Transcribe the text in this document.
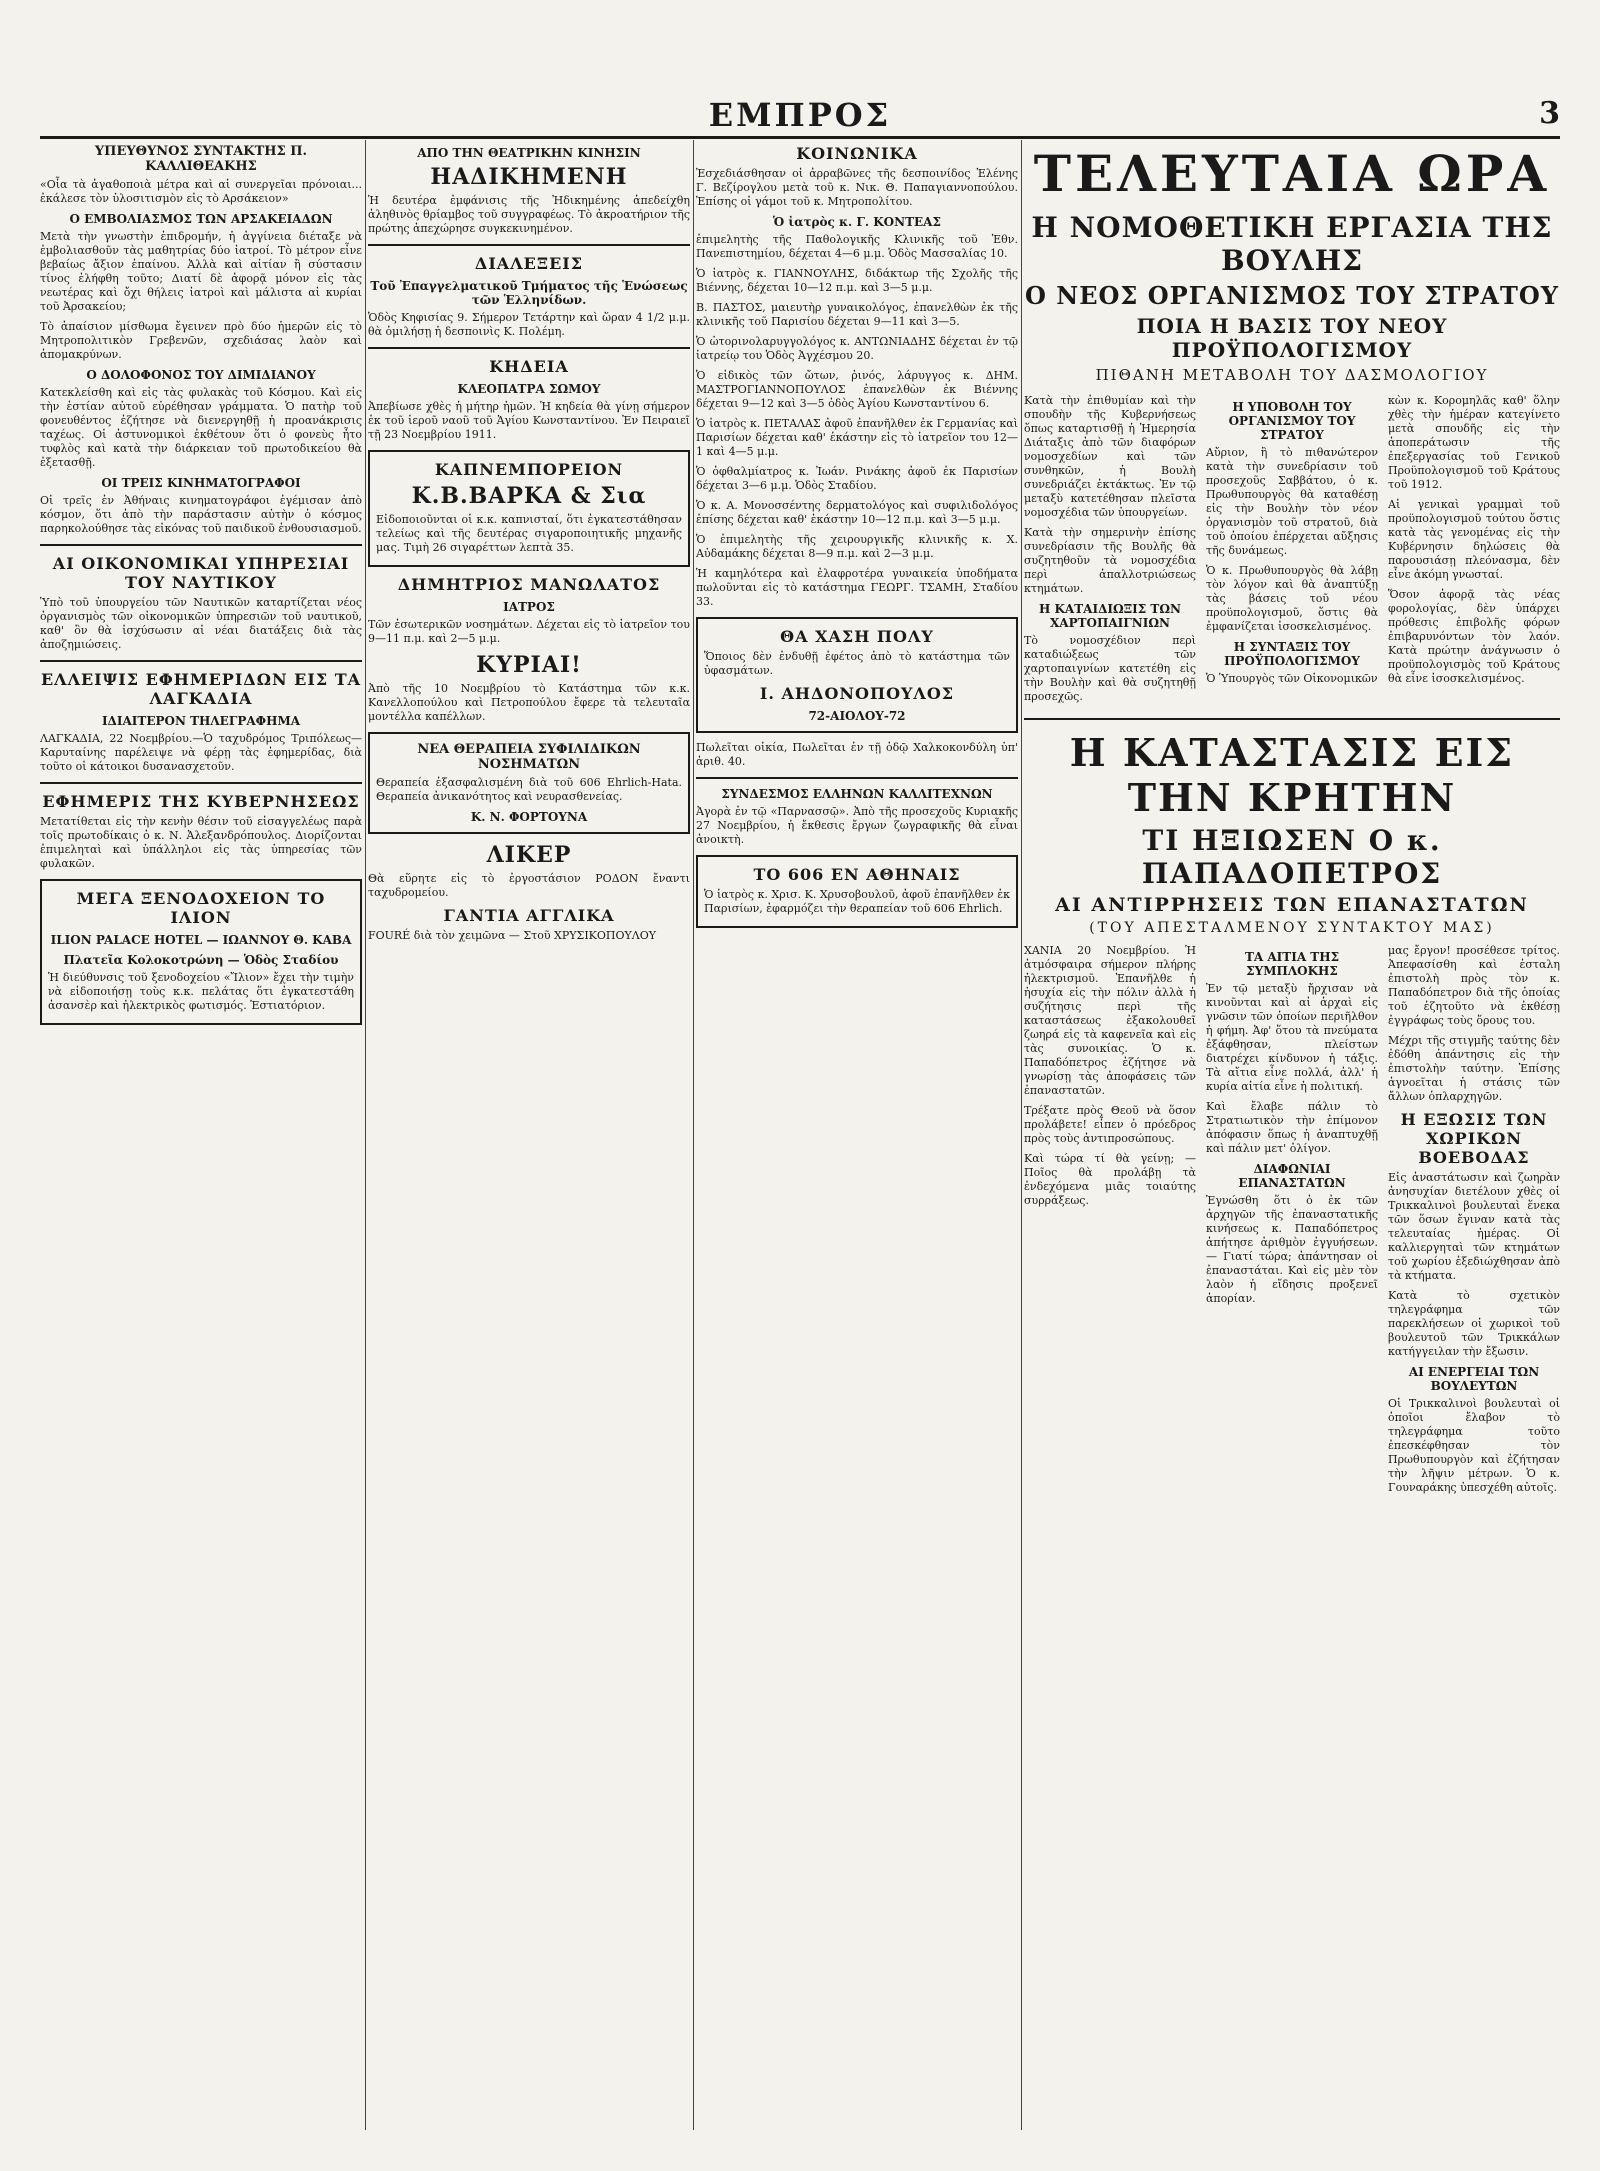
ΕΜΠΡΟΣ	3
ΥΠΕΥΘΥΝΟΣ ΣΥΝΤΑΚΤΗΣ Π. ΚΑΛΛΙΘΕΑΚΗΣ

«Οἷα τὰ ἀγαθοποιὰ μέτρα καὶ αἱ συνεργεῖαι πρόνοιαι... ἐκάλεσε τὸν ὑλοσιτισμὸν εἰς τὸ Αρσάκειον»

Ο ΕΜΒΟΛΙΑΣΜΟΣ ΤΩΝ ΑΡΣΑΚΕΙΑΔΩΝ

Μετὰ τὴν γνωστὴν ἐπιδρομήν, ἡ ἀγγίνεια διέταξε νὰ ἐμβολιασθοῦν τὰς μαθητρίας δύο ἰατροί. Τὸ μέτρον εἶνε βεβαίως ἄξιον ἐπαίνου. Ἀλλὰ καὶ αἰτίαν ἢ σύστασιν τίνος ἐλήφθη τοῦτο; Διατί δὲ ἀφορᾷ μόνον εἰς τὰς νεωτέρας καὶ ὄχι θήλεις ἰατροὶ καὶ μάλιστα αἱ κυρίαι τοῦ Ἀρσακείου;

Τὸ ἀπαίσιον μίσθωμα ἔγεινεν πρὸ δύο ἡμερῶν εἰς τὸ Μητροπολιτικὸν Γρεβενῶν, σχεδιάσας λαὸν καὶ ἀπομακρύνων.

Ο ΔΟΛΟΦΟΝΟΣ ΤΟΥ ΔΙΜΙΔΙΑΝΟΥ

Κατεκλείσθη καὶ εἰς τὰς φυλακὰς τοῦ Κόσμου. Καὶ εἰς τὴν ἑστίαν αὐτοῦ εὑρέθησαν γράμματα. Ὁ πατὴρ τοῦ φονευθέντος ἐζήτησε νὰ διενεργηθῇ ἡ προανάκρισις ταχέως. Οἱ ἀστυνομικοὶ ἐκθέτουν ὅτι ὁ φονεὺς ἦτο τυφλὸς καὶ κατὰ τὴν διάρκειαν τοῦ πρωτοδικείου θὰ ἐξετασθῇ.

ΟΙ ΤΡΕΙΣ ΚΙΝΗΜΑΤΟΓΡΑΦΟΙ

Οἱ τρεῖς ἐν Ἀθήναις κινηματογράφοι ἐγέμισαν ἀπὸ κόσμον, ὅτι ἀπὸ τὴν παράστασιν αὐτὴν ὁ κόσμος παρηκολούθησε τὰς εἰκόνας τοῦ παιδικοῦ ἐνθουσιασμοῦ.

ΑΙ ΟΙΚΟΝΟΜΙΚΑΙ ΥΠΗΡΕΣΙΑΙ ΤΟΥ ΝΑΥΤΙΚΟΥ

Ὑπὸ τοῦ ὑπουργείου τῶν Ναυτικῶν καταρτίζεται νέος ὀργανισμὸς τῶν οἰκονομικῶν ὑπηρεσιῶν τοῦ ναυτικοῦ, καθ' ὃν θὰ ἰσχύσωσιν αἱ νέαι διατάξεις διὰ τὰς ἀποζημιώσεις.

ΕΛΛΕΙΨΙΣ ΕΦΗΜΕΡΙΔΩΝ ΕΙΣ ΤΑ ΛΑΓΚΑΔΙΑ
ΙΔΙΑΙΤΕΡΟΝ ΤΗΛΕΓΡΑΦΗΜΑ

ΛΑΓΚΑΔΙΑ, 22 Νοεμβρίου.—Ὁ ταχυδρόμος Τριπόλεως—Καρυταίνης παρέλειψε νὰ φέρῃ τὰς ἐφημερίδας, διὰ τοῦτο οἱ κάτοικοι δυσανασχετοῦν.

ΕΦΗΜΕΡΙΣ ΤΗΣ ΚΥΒΕΡΝΗΣΕΩΣ

Μετατίθεται εἰς τὴν κενὴν θέσιν τοῦ εἰσαγγελέως παρὰ τοῖς πρωτοδίκαις ὁ κ. Ν. Ἀλεξανδρόπουλος. Διορίζονται ἐπιμεληταὶ καὶ ὑπάλληλοι εἰς τὰς ὑπηρεσίας τῶν φυλακῶν.

ΜΕΓΑ ΞΕΝΟΔΟΧΕΙΟΝ ΤΟ ΙΛΙΟΝ
ILION PALACE HOTEL — ΙΩΑΝΝΟΥ Θ. ΚΑΒΑ
Πλατεῖα Κολοκοτρώνη — Ὁδὸς Σταδίου

Ἡ διεύθυνσις τοῦ ξενοδοχείου «Ἴλιον» ἔχει τὴν τιμὴν νὰ εἰδοποιήσῃ τοὺς κ.κ. πελάτας ὅτι ἐγκατεστάθη ἀσανσὲρ καὶ ἠλεκτρικὸς φωτισμός. Ἑστιατόριον.

ΑΠΟ ΤΗΝ ΘΕΑΤΡΙΚΗΝ ΚΙΝΗΣΙΝ
ΗΑΔΙΚΗΜΕΝΗ

Ἡ δευτέρα ἐμφάνισις τῆς Ἠδικημένης ἀπεδείχθη ἀληθινὸς θρίαμβος τοῦ συγγραφέως. Τὸ ἀκροατήριον τῆς πρώτης ἀπεχώρησε συγκεκινημένον.

ΔΙΑΛΕΞΕΙΣ
Τοῦ Ἐπαγγελματικοῦ Τμήματος τῆς Ἑνώσεως τῶν Ἑλληνίδων.

Ὁδὸς Κηφισίας 9. Σήμερον Τετάρτην καὶ ὥραν 4 1/2 μ.μ. θὰ ὁμιλήσῃ ἡ δεσποινὶς Κ. Πολέμη.

ΚΗΔΕΙΑ
ΚΛΕΟΠΑΤΡΑ ΣΩΜΟΥ

Ἀπεβίωσε χθὲς ἡ μήτηρ ἡμῶν. Ἡ κηδεία θὰ γίνῃ σήμερον ἐκ τοῦ ἱεροῦ ναοῦ τοῦ Ἁγίου Κωνσταντίνου. Ἐν Πειραιεῖ τῇ 23 Νοεμβρίου 1911.

ΚΑΠΝΕΜΠΟΡΕΙΟΝ
Κ.Β.ΒΑΡΚΑ & Σια

Εἰδοποιοῦνται οἱ κ.κ. καπνισταί, ὅτι ἐγκατεστάθησαν τελείως καὶ τῆς δευτέρας σιγαροποιητικῆς μηχανῆς μας. Τιμὴ 26 σιγαρέττων λεπτὰ 35.

ΔΗΜΗΤΡΙΟΣ ΜΑΝΩΛΑΤΟΣ
ΙΑΤΡΟΣ

Τῶν ἐσωτερικῶν νοσημάτων. Δέχεται εἰς τὸ ἰατρεῖον του 9—11 π.μ. καὶ 2—5 μ.μ.

ΚΥΡΙΑΙ!

Ἀπὸ τῆς 10 Νοεμβρίου τὸ Κατάστημα τῶν κ.κ. Κανελλοπούλου καὶ Πετροπούλου ἔφερε τὰ τελευταῖα μοντέλλα καπέλλων.

ΝΕΑ ΘΕΡΑΠΕΙΑ ΣΥΦΙΛΙΔΙΚΩΝ ΝΟΣΗΜΑΤΩΝ

Θεραπεία ἐξασφαλισμένη διὰ τοῦ 606 Ehrlich-Hata. Θεραπεία ἀνικανότητος καὶ νευρασθενείας.

Κ. Ν. ΦΟΡΤΟΥΝΑ
ΛΙΚΕΡ

Θὰ εὕρητε εἰς τὸ ἐργοστάσιον ΡΟΔΟΝ ἔναντι ταχυδρομείου.

ΓΑΝΤΙΑ ΑΓΓΛΙΚΑ

FOURÉ διὰ τὸν χειμῶνα — Στοῦ ΧΡΥΣΙΚΟΠΟΥΛΟΥ

ΚΟΙΝΩΝΙΚΑ

Ἐσχεδιάσθησαν οἱ ἀρραβῶνες τῆς δεσποινίδος Ἑλένης Γ. Βεζίρογλου μετὰ τοῦ κ. Νικ. Θ. Παπαγιαννοπούλου. Ἐπίσης οἱ γάμοι τοῦ κ. Μητροπολίτου.

Ὁ ἰατρὸς κ. Γ. ΚΟΝΤΕΑΣ

ἐπιμελητὴς τῆς Παθολογικῆς Κλινικῆς τοῦ Ἐθν. Πανεπιστημίου, δέχεται 4—6 μ.μ. Ὁδὸς Μασσαλίας 10.

Ὁ ἰατρὸς κ. ΓΙΑΝΝΟΥΛΗΣ, διδάκτωρ τῆς Σχολῆς τῆς Βιέννης, δέχεται 10—12 π.μ. καὶ 3—5 μ.μ.

Β. ΠΑΣΤΟΣ, μαιευτὴρ γυναικολόγος, ἐπανελθὼν ἐκ τῆς κλινικῆς τοῦ Παρισίου δέχεται 9—11 καὶ 3—5.

Ὁ ὠτορινολαρυγγολόγος κ. ΑΝΤΩΝΙΑΔΗΣ δέχεται ἐν τῷ ἰατρείῳ του Ὁδὸς Ἀγχέσμου 20.

Ὁ εἰδικὸς τῶν ὤτων, ῥινός, λάρυγγος κ. ΔΗΜ. ΜΑΣΤΡΟΓΙΑΝΝΟΠΟΥΛΟΣ ἐπανελθὼν ἐκ Βιέννης δέχεται 9—12 καὶ 3—5 ὁδὸς Ἁγίου Κωνσταντίνου 6.

Ὁ ἰατρὸς κ. ΠΕΤΑΛΑΣ ἀφοῦ ἐπανῆλθεν ἐκ Γερμανίας καὶ Παρισίων δέχεται καθ' ἑκάστην εἰς τὸ ἰατρεῖον του 12—1 καὶ 4—5 μ.μ.

Ὁ ὀφθαλμίατρος κ. Ἰωάν. Ρινάκης ἀφοῦ ἐκ Παρισίων δέχεται 3—6 μ.μ. Ὁδὸς Σταδίου.

Ὁ κ. Α. Μονοσσέντης δερματολόγος καὶ συφιλιδολόγος ἐπίσης δέχεται καθ' ἑκάστην 10—12 π.μ. καὶ 3—5 μ.μ.

Ὁ ἐπιμελητὴς τῆς χειρουργικῆς κλινικῆς κ. Χ. Αὐδαμάκης δέχεται 8—9 π.μ. καὶ 2—3 μ.μ.

Ἡ καμηλότερα καὶ ἐλαφροτέρα γυναικεία ὑποδήματα πωλοῦνται εἰς τὸ κατάστημα ΓΕΩΡΓ. ΤΣΑΜΗ, Σταδίου 33.

ΘΑ ΧΑΣΗ ΠΟΛΥ

Ὅποιος δὲν ἐνδυθῇ ἐφέτος ἀπὸ τὸ κατάστημα τῶν ὑφασμάτων.

Ι. ΑΗΔΟΝΟΠΟΥΛΟΣ
72-ΑΙΟΛΟΥ-72

Πωλεῖται οἰκία, Πωλεῖται ἐν τῇ ὁδῷ Χαλκοκονδύλη ὑπ' ἀριθ. 40.

ΣΥΝΔΕΣΜΟΣ ΕΛΛΗΝΩΝ ΚΑΛΛΙΤΕΧΝΩΝ

Ἀγορὰ ἐν τῷ «Παρνασσῷ». Ἀπὸ τῆς προσεχοῦς Κυριακῆς 27 Νοεμβρίου, ἡ ἔκθεσις ἔργων ζωγραφικῆς θὰ εἶναι ἀνοικτὴ.

ΤΟ 606 ΕΝ ΑΘΗΝΑΙΣ

Ὁ ἰατρὸς κ. Χρισ. Κ. Χρυσοβουλοῦ, ἀφοῦ ἐπανῆλθεν ἐκ Παρισίων, ἐφαρμόζει τὴν θεραπείαν τοῦ 606 Ehrlich.

ΤΕΛΕΥΤΑΙΑ ΩΡΑ
Η ΝΟΜΟΘΕΤΙΚΗ ΕΡΓΑΣΙΑ ΤΗΣ ΒΟΥΛΗΣ
Ο ΝΕΟΣ ΟΡΓΑΝΙΣΜΟΣ ΤΟΥ ΣΤΡΑΤΟΥ
ΠΟΙΑ Η ΒΑΣΙΣ ΤΟΥ ΝΕΟΥ ΠΡΟΫΠΟΛΟΓΙΣΜΟΥ
ΠΙΘΑΝΗ ΜΕΤΑΒΟΛΗ ΤΟΥ ΔΑΣΜΟΛΟΓΙΟΥ

Κατὰ τὴν ἐπιθυμίαν καὶ τὴν σπουδὴν τῆς Κυβερνήσεως ὅπως καταρτισθῇ ἡ Ἡμερησία Διάταξις ἀπὸ τῶν διαφόρων νομοσχεδίων καὶ τῶν συνθηκῶν, ἡ Βουλὴ συνεδριάζει ἐκτάκτως. Ἐν τῷ μεταξὺ κατετέθησαν πλεῖστα νομοσχέδια τῶν ὑπουργείων.

Κατὰ τὴν σημερινὴν ἐπίσης συνεδρίασιν τῆς Βουλῆς θὰ συζητηθοῦν τὰ νομοσχέδια περὶ ἀπαλλοτριώσεως κτημάτων.

Η ΚΑΤΑΙΔΙΩΞΙΣ ΤΩΝ ΧΑΡΤΟΠΑΙΓΝΙΩΝ

Τὸ νομοσχέδιον περὶ καταδιώξεως τῶν χαρτοπαιγνίων κατετέθη εἰς τὴν Βουλὴν καὶ θὰ συζητηθῇ προσεχῶς.

Η ΥΠΟΒΟΛΗ ΤΟΥ ΟΡΓΑΝΙΣΜΟΥ ΤΟΥ ΣΤΡΑΤΟΥ

Αὔριον, ἢ τὸ πιθανώτερον κατὰ τὴν συνεδρίασιν τοῦ προσεχοῦς Σαββάτου, ὁ κ. Πρωθυπουργὸς θὰ καταθέσῃ εἰς τὴν Βουλὴν τὸν νέον ὀργανισμὸν τοῦ στρατοῦ, διὰ τοῦ ὁποίου ἐπέρχεται αὔξησις τῆς δυνάμεως.

Ὁ κ. Πρωθυπουργὸς θὰ λάβῃ τὸν λόγον καὶ θὰ ἀναπτύξῃ τὰς βάσεις τοῦ νέου προϋπολογισμοῦ, ὅστις θὰ ἐμφανίζεται ἰσοσκελισμένος.

Η ΣΥΝΤΑΞΙΣ ΤΟΥ ΠΡΟΫΠΟΛΟΓΙΣΜΟΥ

Ὁ Ὑπουργὸς τῶν Οἰκονομικῶν

κὼν κ. Κορομηλᾶς καθ' ὅλην χθὲς τὴν ἡμέραν κατεγίνετο μετὰ σπουδῆς εἰς τὴν ἀποπεράτωσιν τῆς ἐπεξεργασίας τοῦ Γενικοῦ Προϋπολογισμοῦ τοῦ Κράτους τοῦ 1912.

Αἱ γενικαὶ γραμμαὶ τοῦ προϋπολογισμοῦ τούτου ὅστις κατὰ τὰς γενομένας εἰς τὴν Κυβέρνησιν δηλώσεις θὰ παρουσιάσῃ πλεόνασμα, δὲν εἶνε ἀκόμη γνωσταί.

Ὅσον ἀφορᾷ τὰς νέας φορολογίας, δὲν ὑπάρχει πρόθεσις ἐπιβολῆς φόρων ἐπιβαρυνόντων τὸν λαόν. Κατὰ πρώτην ἀνάγνωσιν ὁ προϋπολογισμὸς τοῦ Κράτους θὰ εἶνε ἰσοσκελισμένος.

Η ΚΑΤΑΣΤΑΣΙΣ ΕΙΣ ΤΗΝ ΚΡΗΤΗΝ
ΤΙ ΗΞΙΩΣΕΝ Ο κ. ΠΑΠΑΔΟΠΕΤΡΟΣ
ΑΙ ΑΝΤΙΡΡΗΣΕΙΣ ΤΩΝ ΕΠΑΝΑΣΤΑΤΩΝ
(ΤΟΥ ΑΠΕΣΤΑΛΜΕΝΟΥ ΣΥΝΤΑΚΤΟΥ ΜΑΣ)

ΧΑΝΙΑ 20 Νοεμβρίου. Ἡ ἀτμόσφαιρα σήμερον πλήρης ἠλεκτρισμοῦ. Ἐπανῆλθε ἡ ἡσυχία εἰς τὴν πόλιν ἀλλὰ ἡ συζήτησις περὶ τῆς καταστάσεως ἐξακολουθεῖ ζωηρά εἰς τὰ καφενεῖα καὶ εἰς τὰς συνοικίας. Ὁ κ. Παπαδόπετρος ἐζήτησε νὰ γνωρίσῃ τὰς ἀποφάσεις τῶν ἐπαναστατῶν.

Τρέξατε πρὸς Θεοῦ νὰ ὅσον προλάβετε! εἶπεν ὁ πρόεδρος πρὸς τοὺς ἀντιπροσώπους.

Καὶ τώρα τί θὰ γείνῃ; — Ποῖος θὰ προλάβῃ τὰ ἐνδεχόμενα μιᾶς τοιαύτης συρράξεως.

ΤΑ ΑΙΤΙΑ ΤΗΣ ΣΥΜΠΛΟΚΗΣ

Ἐν τῷ μεταξὺ ἤρχισαν νὰ κινοῦνται καὶ αἱ ἀρχαὶ εἰς γνῶσιν τῶν ὁποίων περιῆλθον ἡ φήμη. Ἀφ' ὅτου τὰ πνεύματα ἐξάφθησαν, πλείστων διατρέχει κίνδυνον ἡ τάξις. Τὰ αἴτια εἶνε πολλά, ἀλλ' ἡ κυρία αἰτία εἶνε ἡ πολιτική.

Καὶ ἔλαβε πάλιν τὸ Στρατιωτικὸν τὴν ἐπίμονον ἀπόφασιν ὅπως ἡ ἀναπτυχθῇ καὶ πάλιν μετ' ὀλίγον.

ΔΙΑΦΩΝΙΑΙ ΕΠΑΝΑΣΤΑΤΩΝ

Ἐγνώσθη ὅτι ὁ ἐκ τῶν ἀρχηγῶν τῆς ἐπαναστατικῆς κινήσεως κ. Παπαδόπετρος ἀπήτησε ἀριθμὸν ἐγγυήσεων. — Γιατί τώρα; ἀπάντησαν οἱ ἐπαναστάται. Καὶ εἰς μὲν τὸν λαὸν ἡ εἴδησις προξενεῖ ἀπορίαν.

μας ἔργον! προσέθεσε τρίτος. Ἀπεφασίσθη καὶ ἐσταλη ἐπιστολὴ πρὸς τὸν κ. Παπαδόπετρον διὰ τῆς ὁποίας τοῦ ἐζητοῦτο νὰ ἐκθέσῃ ἐγγράφως τοὺς ὅρους του.

Μέχρι τῆς στιγμῆς ταύτης δὲν ἐδόθη ἀπάντησις εἰς τὴν ἐπιστολὴν ταύτην. Ἐπίσης ἀγνοεῖται ἡ στάσις τῶν ἄλλων ὁπλαρχηγῶν.

Η ΕΞΩΣΙΣ ΤΩΝ ΧΩΡΙΚΩΝ ΒΟΕΒΟΔΑΣ

Εἰς ἀναστάτωσιν καὶ ζωηρὰν ἀνησυχίαν διετέλουν χθὲς οἱ Τρικκαλινοὶ βουλευταὶ ἕνεκα τῶν ὅσων ἔγιναν κατὰ τὰς τελευταίας ἡμέρας. Οἱ καλλιεργηταὶ τῶν κτημάτων τοῦ χωρίου ἐξεδιώχθησαν ἀπὸ τὰ κτήματα.

Κατὰ τὸ σχετικὸν τηλεγράφημα τῶν παρεκλήσεων οἱ χωρικοὶ τοῦ βουλευτοῦ τῶν Τρικκάλων κατήγγειλαν τὴν ἔξωσιν.

ΑΙ ΕΝΕΡΓΕΙΑΙ ΤΩΝ ΒΟΥΛΕΥΤΩΝ

Οἱ Τρικκαλινοὶ βουλευταὶ οἱ ὁποῖοι ἔλαβον τὸ τηλεγράφημα τοῦτο ἐπεσκέφθησαν τὸν Πρωθυπουργὸν καὶ ἐζήτησαν τὴν λῆψιν μέτρων. Ὁ κ. Γουναράκης ὑπεσχέθη αὐτοῖς.
